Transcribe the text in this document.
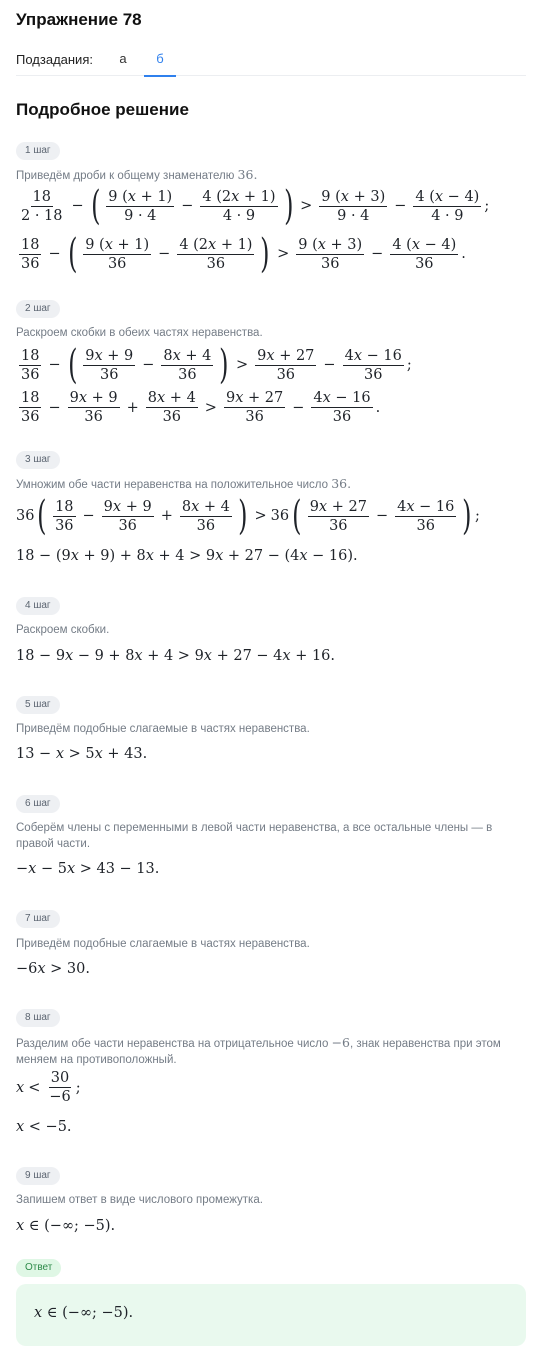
Упражнение 78
Подзадания:	а	б
Подробное решение
1 шаг
Приведём дроби к общему знаменателю 36.
$\frac{18}{2 \cdot 18}$ − ( $\frac{9 (x + 1)}{9 \cdot 4} - \frac{4 (2x + 1)}{4 \cdot 9}$ ) > $\frac{9 (x + 3)}{9 \cdot 4} - \frac{4 (x - 4)}{4 \cdot 9}$ ;
$\frac{18}{36}$ − ( $\frac{9 (x + 1)}{36} - \frac{4 (2x + 1)}{36}$ ) > $\frac{9 (x + 3)}{36} - \frac{4 (x - 4)}{36}$ .
2 шаг
Раскроем скобки в обеих частях неравенства.
$\frac{18}{36}$ − ( $\frac{9x + 9}{36} - \frac{8x + 4}{36}$ ) > $\frac{9x + 27}{36} - \frac{4x - 16}{36}$ ;
$\frac{18}{36} - \frac{9x + 9}{36} + \frac{8x + 4}{36} > \frac{9x + 27}{36} - \frac{4x - 16}{36}$ .
3 шаг
Умножим обе части неравенства на положительное число 36.
36 ( $\frac{18}{36} - \frac{9x + 9}{36} + \frac{8x + 4}{36}$ ) > 36 ( $\frac{9x + 27}{36} - \frac{4x - 16}{36}$ ) ;
18 − (9x + 9) + 8x + 4 > 9x + 27 − (4x − 16).
4 шаг
Раскроем скобки.
18 − 9x − 9 + 8x + 4 > 9x + 27 − 4x + 16.
5 шаг
Приведём подобные слагаемые в частях неравенства.
13 − x > 5x + 43.
6 шаг
Соберём члены с переменными в левой части неравенства, а все остальные члены — в правой части.
−x − 5x > 43 − 13.
7 шаг
Приведём подобные слагаемые в частях неравенства.
−6x > 30.
8 шаг
Разделим обе части неравенства на отрицательное число −6, знак неравенства при этом меняем на противоположный.
$x < \frac{30}{-6}$ ;
x < −5.
9 шаг
Запишем ответ в виде числового промежутка.
x ∈ (−∞; −5).
Ответ
x ∈ (−∞; −5).
